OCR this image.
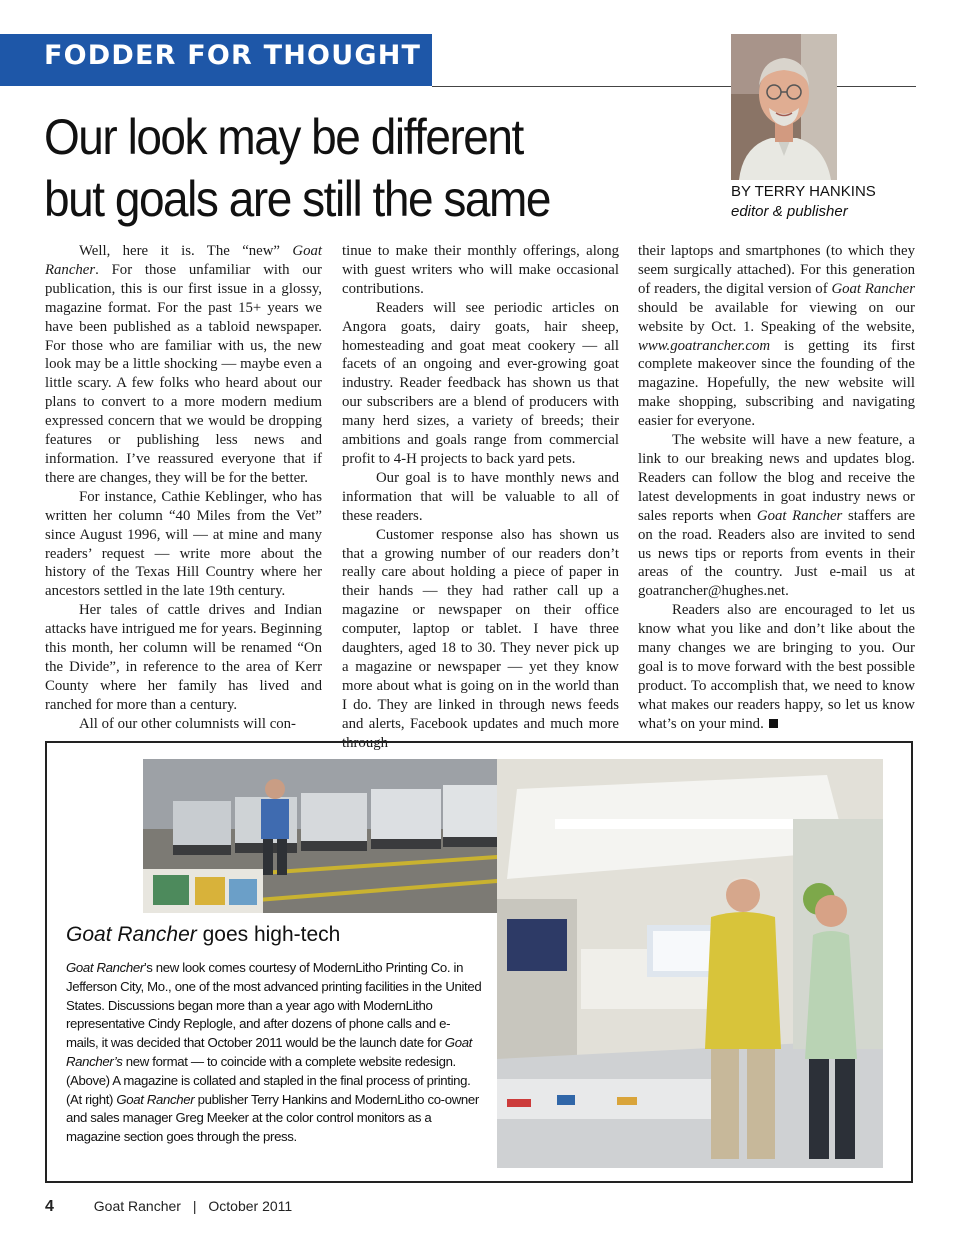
FODDER FOR THOUGHT
Our look may be different
but goals are still the same	BY TERRY HANKINS
editor & publisher

Well, here it is. The “new” Goat Rancher. For those unfamiliar with our publication, this is our first issue in a glossy, magazine format. For the past 15+ years we have been published as a tabloid newspaper. For those who are familiar with us, the new look may be a little shocking — maybe even a little scary. A few folks who heard about our plans to convert to a more modern medium expressed concern that we would be dropping features or publishing less news and information. I’ve reassured everyone that if there are changes, they will be for the better.

For instance, Cathie Keblinger, who has written her column “40 Miles from the Vet” since August 1996, will — at mine and many readers’ request — write more about the history of the Texas Hill Country where her ancestors settled in the late 19th century.

Her tales of cattle drives and Indian attacks have intrigued me for years. Beginning this month, her column will be renamed “On the Divide”, in reference to the area of Kerr County where her family has lived and ranched for more than a century.

All of our other columnists will con-

tinue to make their monthly offerings, along with guest writers who will make occasional contributions.

Readers will see periodic articles on Angora goats, dairy goats, hair sheep, homesteading and goat meat cookery — all facets of an ongoing and ever-growing goat industry. Reader feedback has shown us that our subscribers are a blend of producers with many herd sizes, a variety of breeds; their ambitions and goals range from commercial profit to 4-H projects to back yard pets.

Our goal is to have monthly news and information that will be valuable to all of these readers.

Customer response also has shown us that a growing number of our readers don’t really care about holding a piece of paper in their hands — they had rather call up a magazine or newspaper on their office computer, laptop or tablet. I have three daughters, aged 18 to 30. They never pick up a magazine or newspaper — yet they know more about what is going on in the world than I do. They are linked in through news feeds and alerts, Facebook updates and much more through

their laptops and smartphones (to which they seem surgically attached). For this generation of readers, the digital version of Goat Rancher should be available for viewing on our website by Oct. 1. Speaking of the website, www.goatrancher.com is getting its first complete makeover since the founding of the magazine. Hopefully, the new website will make shopping, subscribing and navigating easier for everyone.

The website will have a new feature, a link to our breaking news and updates blog. Readers can follow the blog and receive the latest developments in goat industry news or sales reports when Goat Rancher staffers are on the road. Readers also are invited to send us news tips or reports from events in their areas of the country. Just e-mail us at goatrancher@hughes.net.

Readers also are encouraged to let us know what you like and don’t like about the many changes we are bringing to you. Our goal is to move forward with the best possible product. To accomplish that, we need to know what makes our readers happy, so let us know what’s on your mind.

Goat Rancher goes high-tech

Goat Rancher’s new look comes courtesy of ModernLitho Printing Co. in Jefferson City, Mo., one of the most advanced printing facilities in the United States. Discussions began more than a year ago with ModernLitho representative Cindy Replogle, and after dozens of phone calls and e-mails, it was decided that October 2011 would be the launch date for Goat Rancher’s new format — to coincide with a complete website redesign. (Above) A magazine is collated and stapled in the final process of printing. (At right) Goat Rancher publisher Terry Hankins and ModernLitho co-owner and sales manager Greg Meeker at the color control monitors as a magazine section goes through the press.

4	Goat Rancher | October 2011
